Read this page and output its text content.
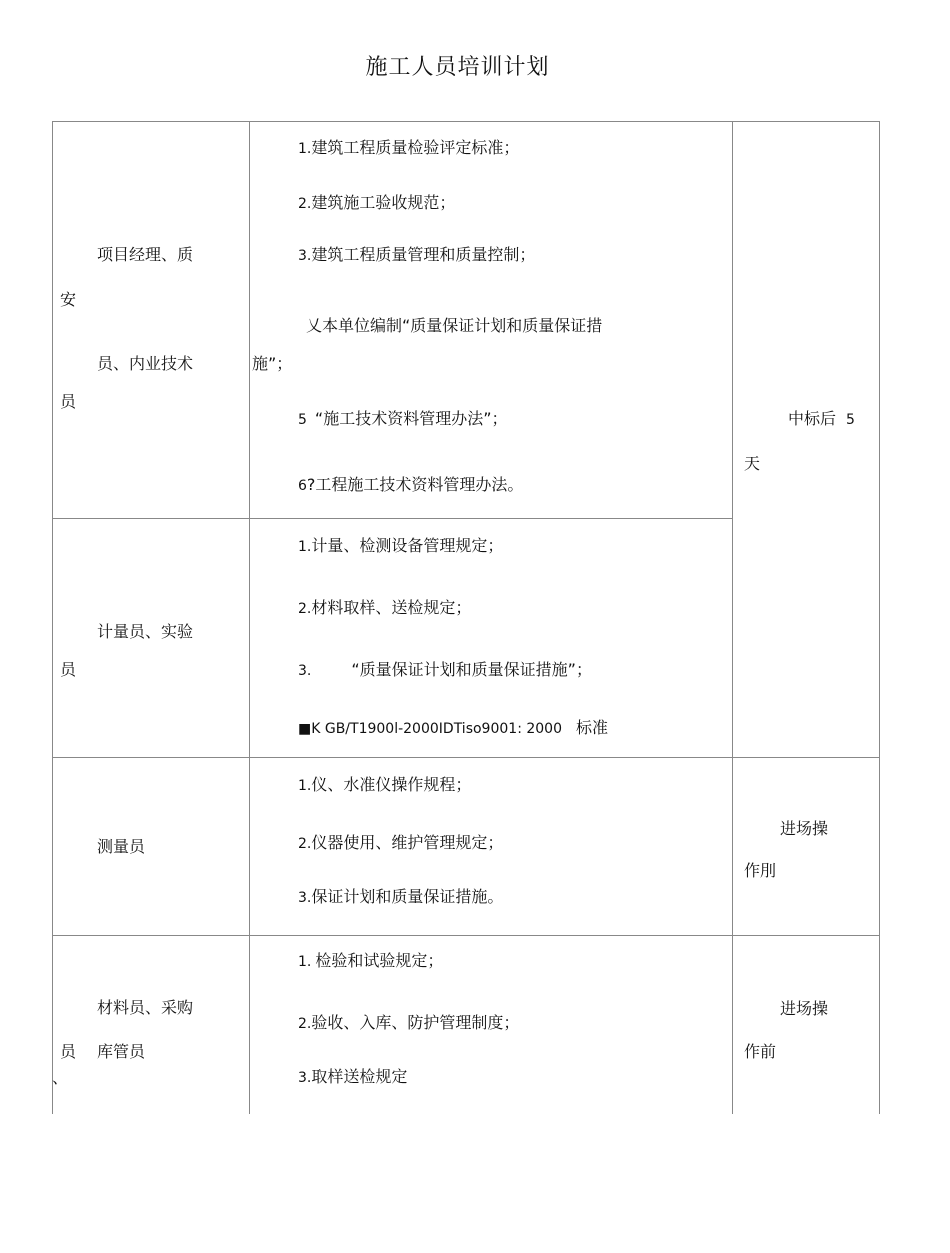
施工人员培训计划
项目经理、质
安
员、内业技术
员
1.建筑工程质量检验评定标准；
2.建筑施工验收规范；
3.建筑工程质量管理和质量控制；
乂本单位编制“质量保证计划和质量保证措
施”；
5 “施工技术资料管理办法”；
6?工程施工技术资料管理办法。
中标后 5
天
计量员、实验
员
1.计量、检测设备管理规定；
2.材料取样、送检规定；
3.	“质量保证计划和质量保证措施”；
■K GB/T1900l-2000IDTiso9001: 2000 标准
测量员
1.仪、水准仪操作规程；
2.仪器使用、维护管理规定；
3.保证计划和质量保证措施。
进场操
作刖
材料员、采购
员 库管员
、
1. 检验和试验规定；
2.验收、入库、防护管理制度；
3.取样送检规定
进场操
作前
